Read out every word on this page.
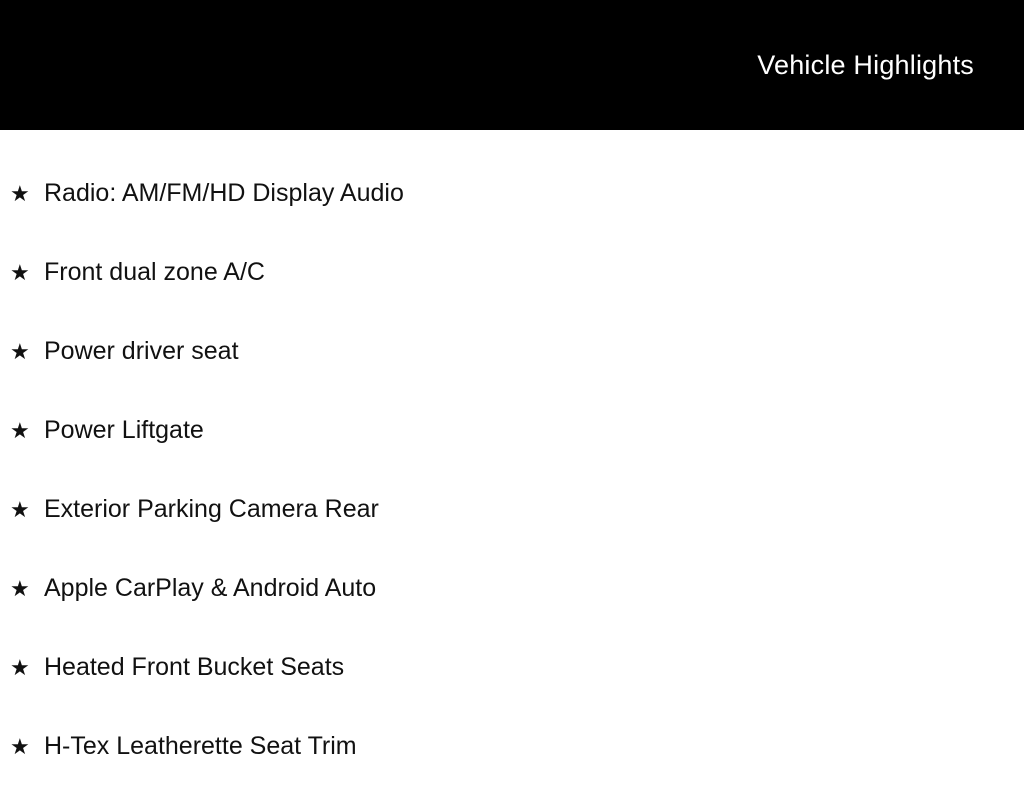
Vehicle Highlights
★ Radio: AM/FM/HD Display Audio
★ Front dual zone A/C
★ Power driver seat
★ Power Liftgate
★ Exterior Parking Camera Rear
★ Apple CarPlay & Android Auto
★ Heated Front Bucket Seats
★ H-Tex Leatherette Seat Trim
